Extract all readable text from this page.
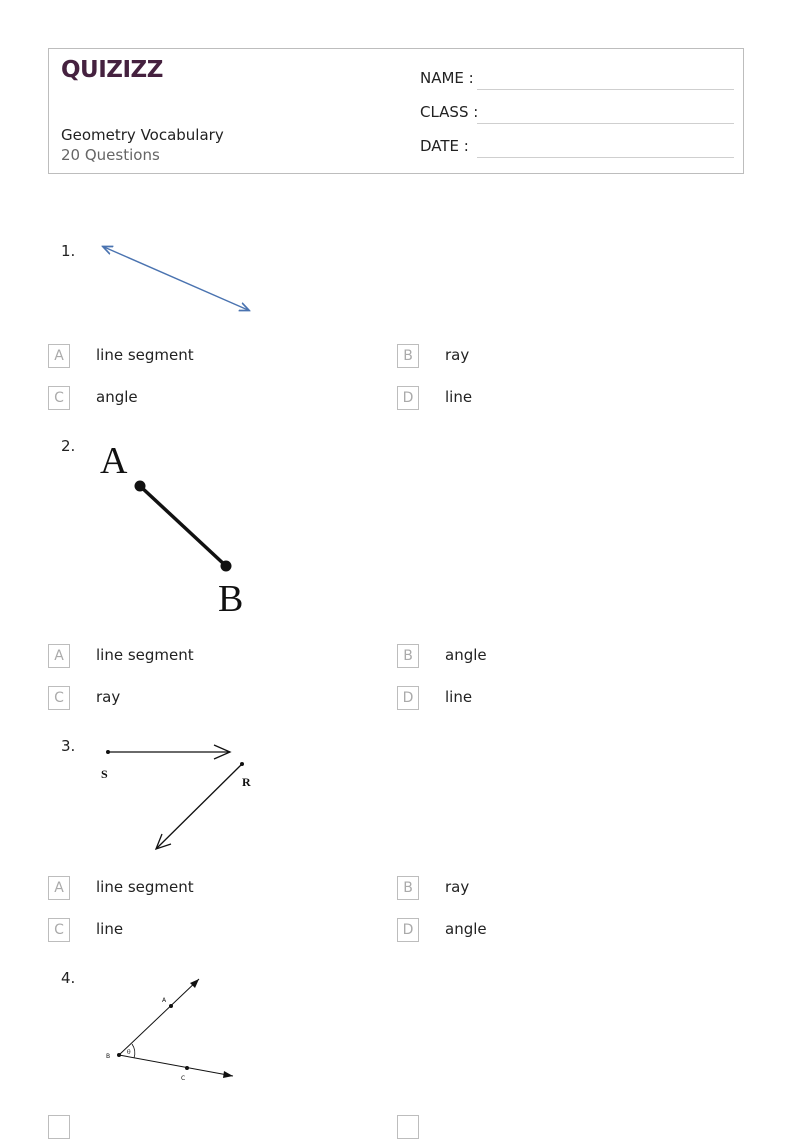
QUIZIZZ
Geometry Vocabulary
20 Questions
NAME :
CLASS :
DATE :
1.
A	line segment	B	ray
C	angle	D	line
2. A
B
A	line segment	B	angle
C	ray	D	line
3.
S
R
A	line segment	B	ray
C	line	D	angle
4.
A
B
C
θ
